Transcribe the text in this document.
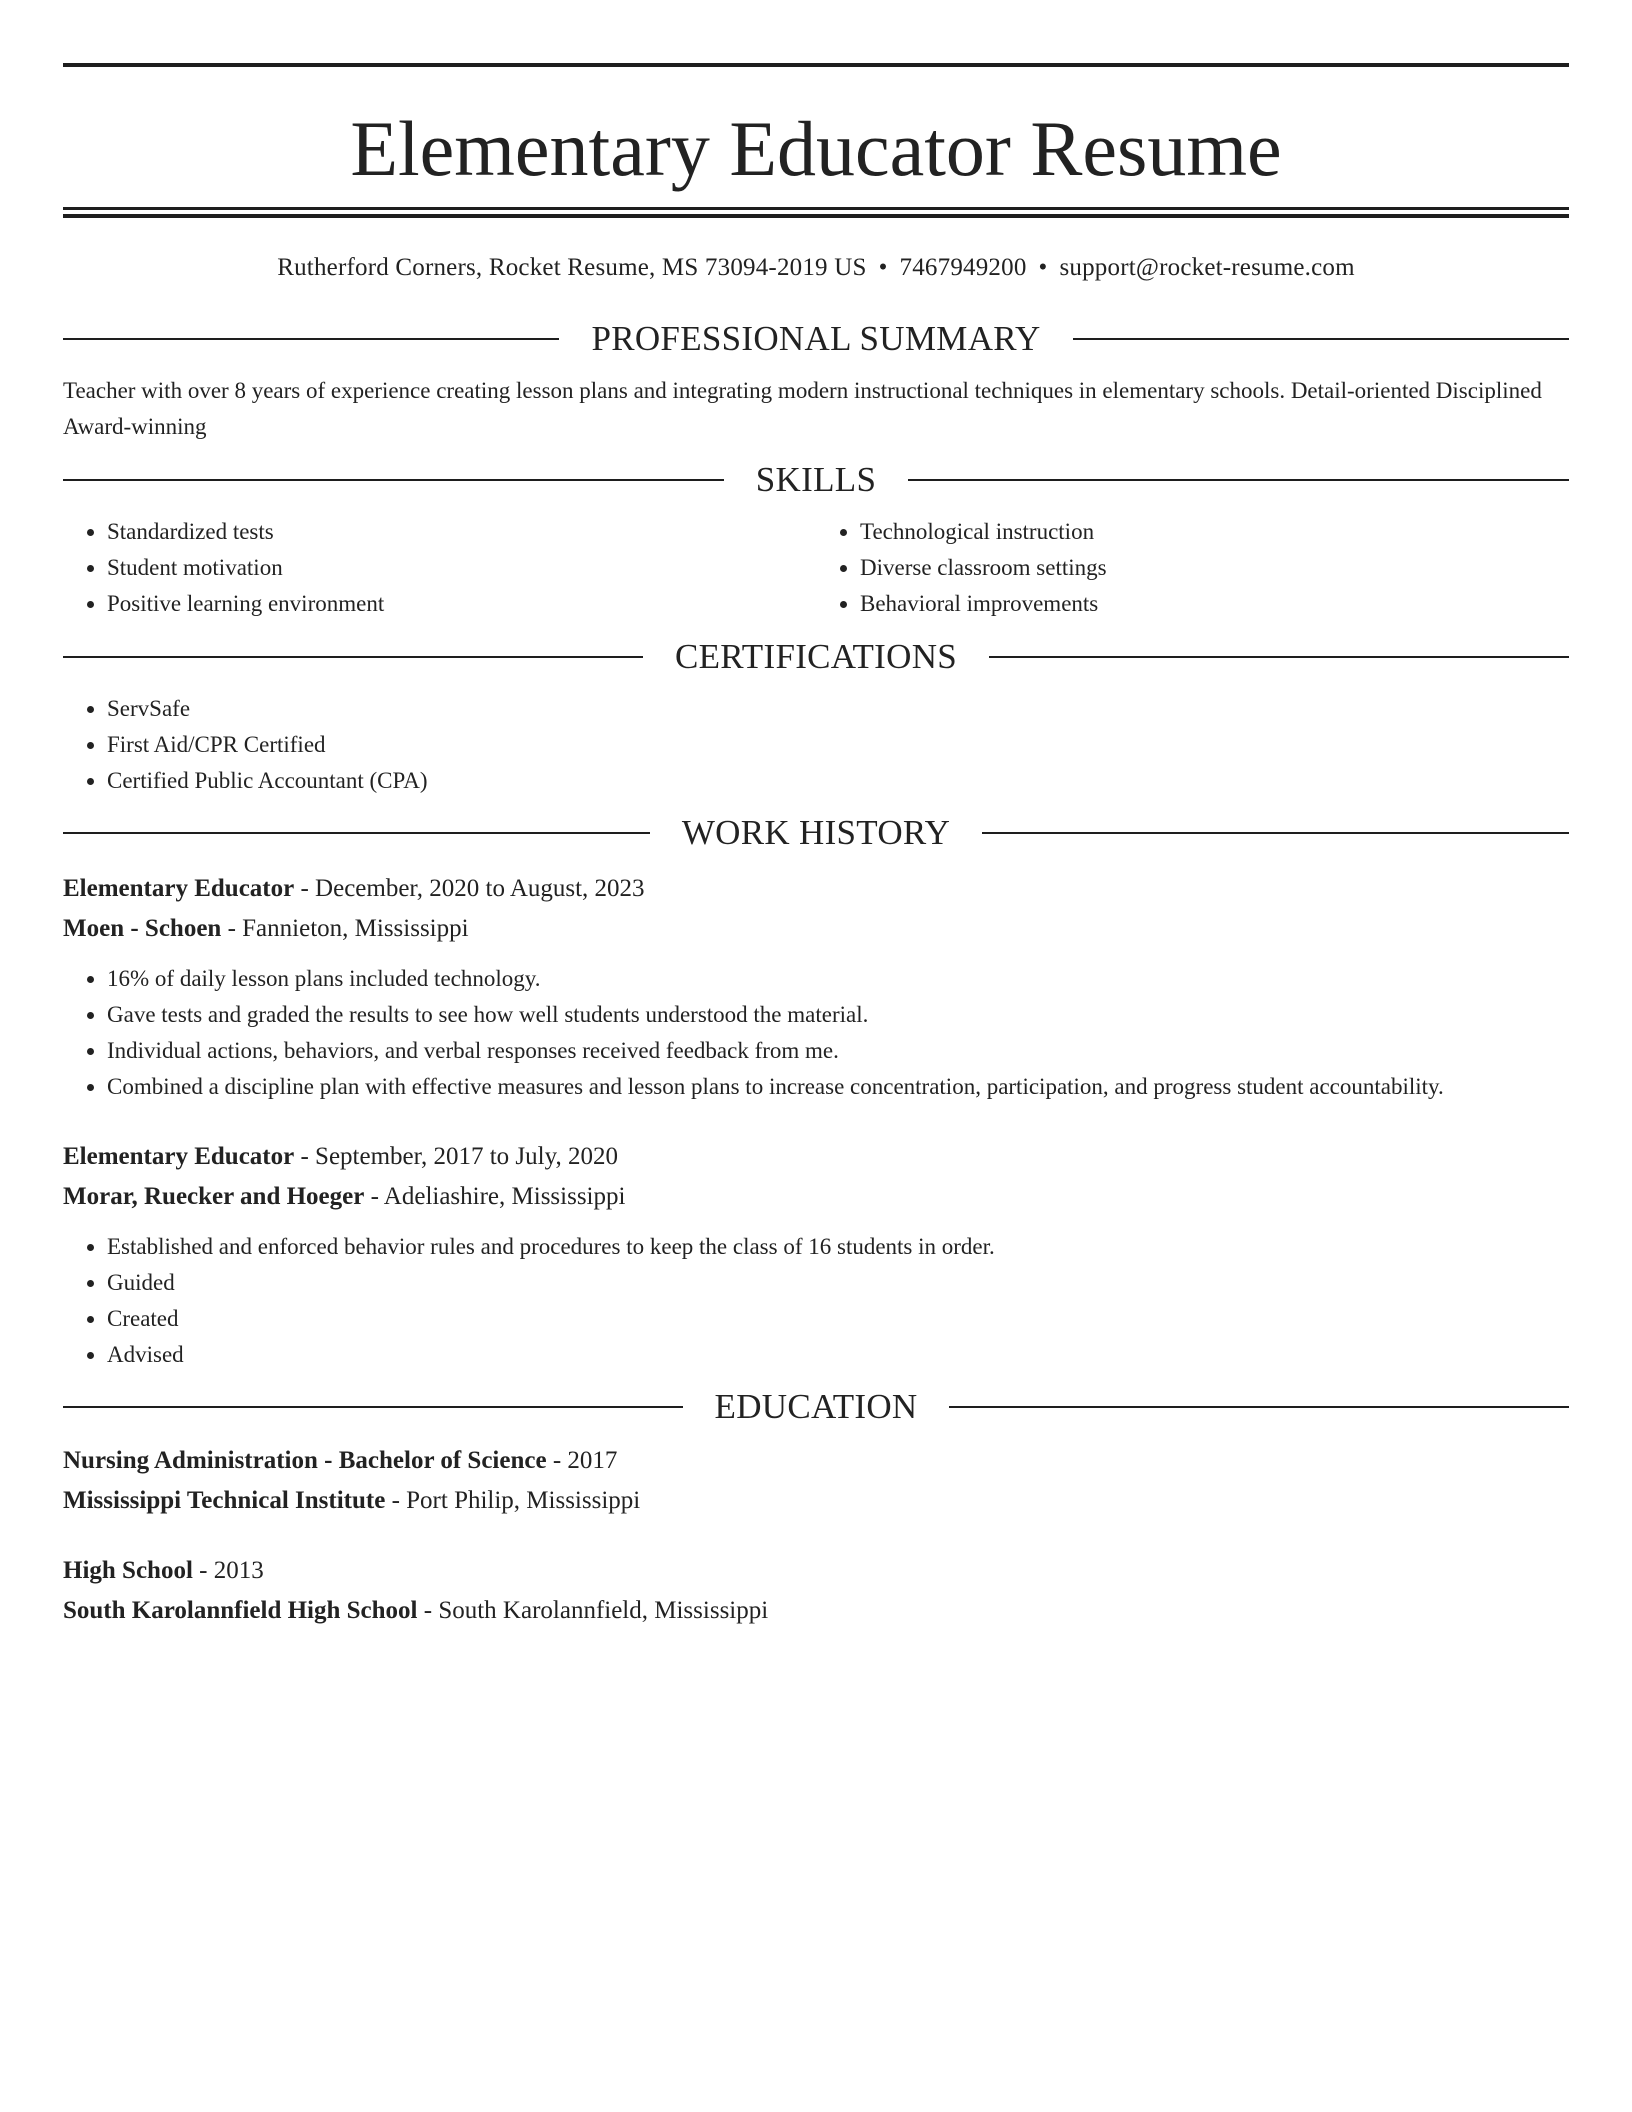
Elementary Educator Resume
Rutherford Corners, Rocket Resume, MS 73094-2019 US • 7467949200 • support@rocket-resume.com
PROFESSIONAL SUMMARY

Teacher with over 8 years of experience creating lesson plans and integrating modern instructional techniques in elementary schools. Detail-oriented Disciplined Award-winning

SKILLS
• Standardized tests
• Student motivation
• Positive learning environment
• Technological instruction
• Diverse classroom settings
• Behavioral improvements
CERTIFICATIONS
• ServSafe
• First Aid/CPR Certified
• Certified Public Accountant (CPA)
WORK HISTORY
Elementary Educator - December, 2020 to August, 2023
Moen - Schoen - Fannieton, Mississippi
• 16% of daily lesson plans included technology.
• Gave tests and graded the results to see how well students understood the material.
• Individual actions, behaviors, and verbal responses received feedback from me.
• Combined a discipline plan with effective measures and lesson plans to increase concentration, participation, and progress student accountability.
Elementary Educator - September, 2017 to July, 2020
Morar, Ruecker and Hoeger - Adeliashire, Mississippi
• Established and enforced behavior rules and procedures to keep the class of 16 students in order.
• Guided
• Created
• Advised
EDUCATION
Nursing Administration - Bachelor of Science - 2017
Mississippi Technical Institute - Port Philip, Mississippi
High School - 2013
South Karolannfield High School - South Karolannfield, Mississippi
